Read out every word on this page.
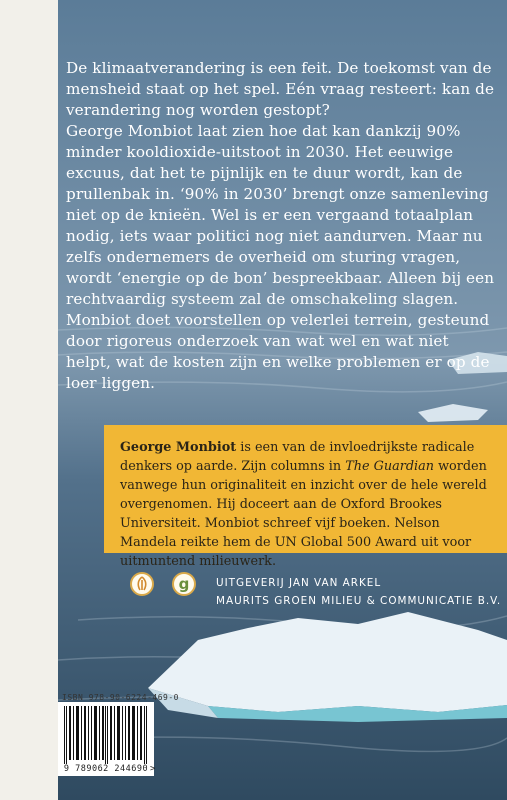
De klimaatverandering is een feit. De toekomst van de mensheid staat op het spel. Eén vraag resteert: kan de verandering nog worden gestopt?

George Monbiot laat zien hoe dat kan dankzij 90% minder kooldioxide-uitstoot in 2030. Het eeuwige excuus, dat het te pijnlijk en te duur wordt, kan de prullenbak in. ‘90% in 2030’ brengt onze samenleving niet op de knieën. Wel is er een vergaand totaalplan nodig, iets waar politici nog niet aandurven. Maar nu zelfs ondernemers de overheid om sturing vragen, wordt ‘energie op de bon’ bespreekbaar. Alleen bij een rechtvaardig systeem zal de omschakeling slagen.

Monbiot doet voorstellen op velerlei terrein, gesteund door rigoreus onderzoek van wat wel en wat niet helpt, wat de kosten zijn en welke problemen er op de loer liggen.

George Monbiot is een van de invloedrijkste radicale denkers op aarde. Zijn columns in The Guardian worden vanwege hun originaliteit en inzicht over de hele wereld overgenomen. Hij doceert aan de Oxford Brookes Universiteit. Monbiot schreef vijf boeken. Nelson Mandela reikte hem de UN Global 500 Award uit voor uitmuntend milieuwerk.
g	UITGEVERIJ JAN VAN ARKEL
MAURITS GROEN MILIEU & COMMUNICATIE B.V.
ISBN 978-90-6224-469-0
9 789062 244690 >
